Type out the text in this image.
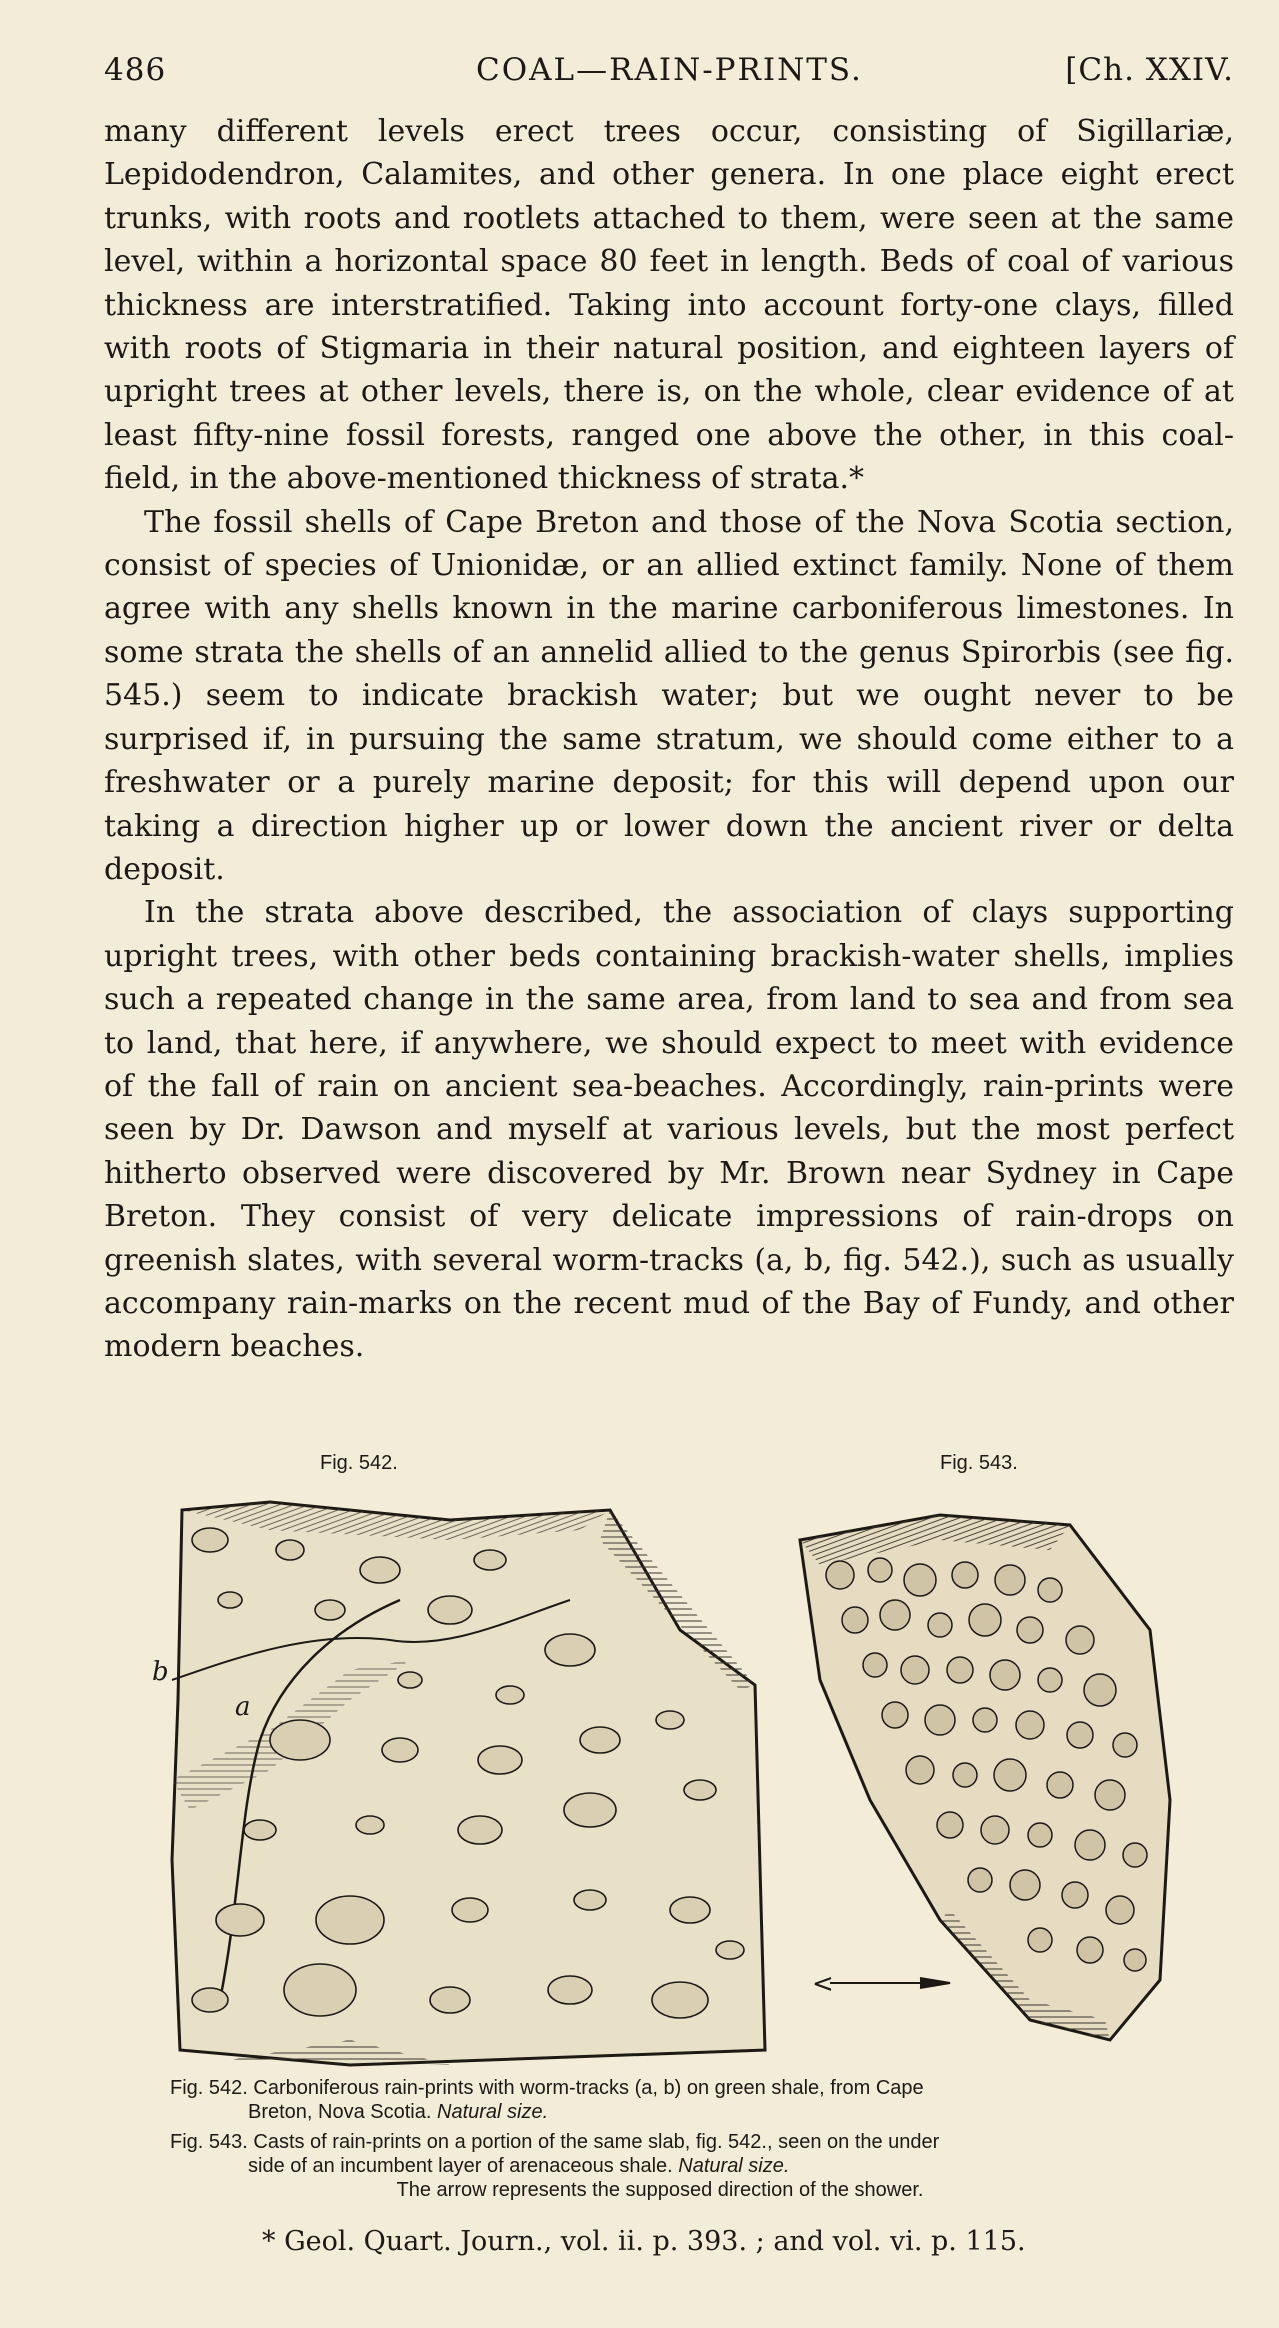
486	COAL—RAIN-PRINTS.	[Ch. XXIV.

many different levels erect trees occur, consisting of Sigillariæ, Lepidodendron, Calamites, and other genera. In one place eight erect trunks, with roots and rootlets attached to them, were seen at the same level, within a horizontal space 80 feet in length. Beds of coal of various thickness are interstratified. Taking into account forty-one clays, filled with roots of Stigmaria in their natural position, and eighteen layers of upright trees at other levels, there is, on the whole, clear evidence of at least fifty-nine fossil forests, ranged one above the other, in this coal-field, in the above-mentioned thickness of strata.*

The fossil shells of Cape Breton and those of the Nova Scotia section, consist of species of Unionidæ, or an allied extinct family. None of them agree with any shells known in the marine carboniferous limestones. In some strata the shells of an annelid allied to the genus Spirorbis (see fig. 545.) seem to indicate brackish water; but we ought never to be surprised if, in pursuing the same stratum, we should come either to a freshwater or a purely marine deposit; for this will depend upon our taking a direction higher up or lower down the ancient river or delta deposit.

In the strata above described, the association of clays supporting upright trees, with other beds containing brackish-water shells, implies such a repeated change in the same area, from land to sea and from sea to land, that here, if anywhere, we should expect to meet with evidence of the fall of rain on ancient sea-beaches. Accordingly, rain-prints were seen by Dr. Dawson and myself at various levels, but the most perfect hitherto observed were discovered by Mr. Brown near Sydney in Cape Breton. They consist of very delicate impressions of rain-drops on greenish slates, with several worm-tracks (a, b, fig. 542.), such as usually accompany rain-marks on the recent mud of the Bay of Fundy, and other modern beaches.

Fig. 542.	Fig. 543.
a
b
<
Fig. 542. Carboniferous rain-prints with worm-tracks (a, b) on green shale, from Cape
Breton, Nova Scotia. Natural size.
Fig. 543. Casts of rain-prints on a portion of the same slab, fig. 542., seen on the under
side of an incumbent layer of arenaceous shale. Natural size.
The arrow represents the supposed direction of the shower.
* Geol. Quart. Journ., vol. ii. p. 393. ; and vol. vi. p. 115.
